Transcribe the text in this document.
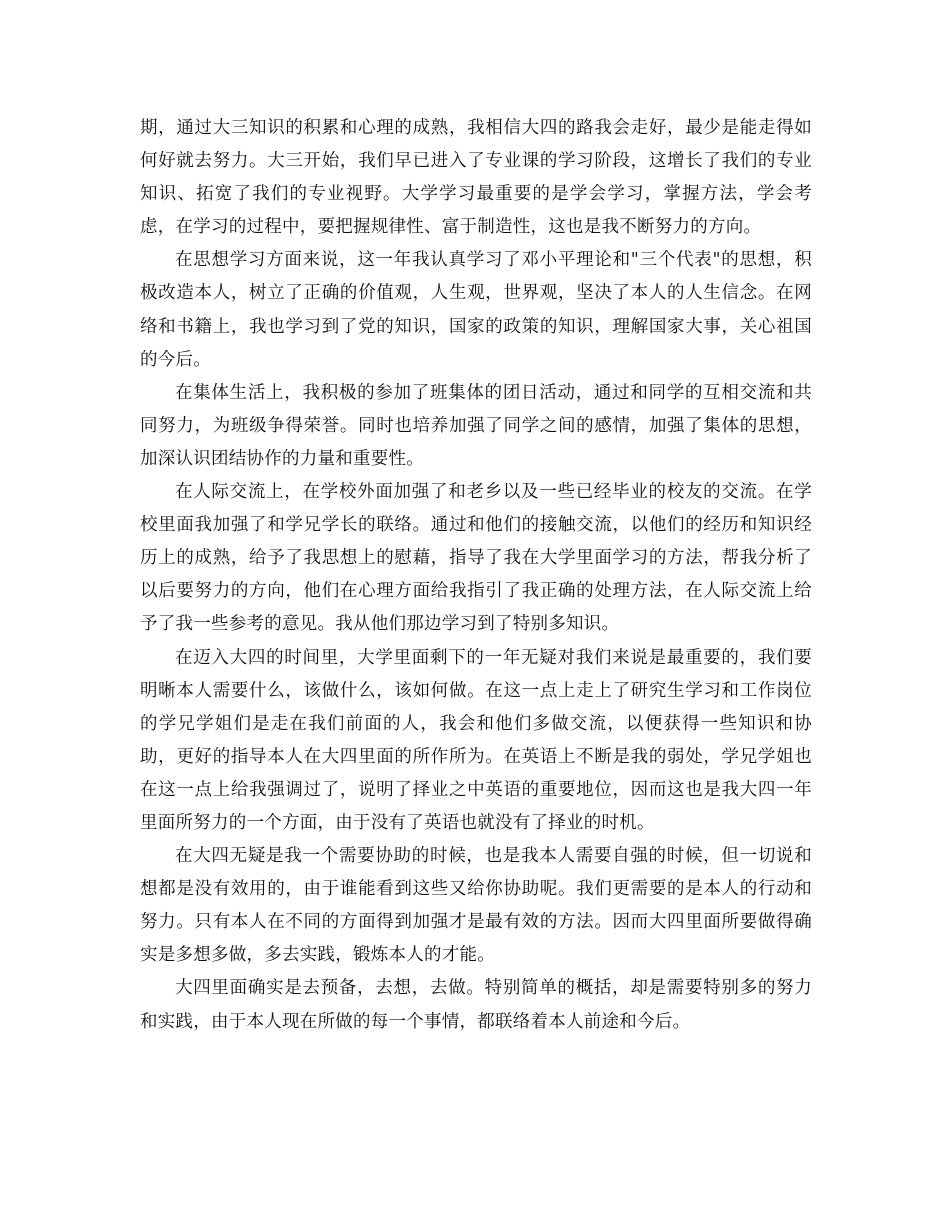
期，通过大三知识的积累和心理的成熟，我相信大四的路我会走好，最少是能走得如何好就去努力。大三开始，我们早已进入了专业课的学习阶段，这增长了我们的专业知识、拓宽了我们的专业视野。大学学习最重要的是学会学习，掌握方法，学会考虑，在学习的过程中，要把握规律性、富于制造性，这也是我不断努力的方向。

在思想学习方面来说，这一年我认真学习了邓小平理论和"三个代表"的思想，积极改造本人，树立了正确的价值观，人生观，世界观，坚决了本人的人生信念。在网络和书籍上，我也学习到了党的知识，国家的政策的知识，理解国家大事，关心祖国的今后。

在集体生活上，我积极的参加了班集体的团日活动，通过和同学的互相交流和共同努力，为班级争得荣誉。同时也培养加强了同学之间的感情，加强了集体的思想，加深认识团结协作的力量和重要性。

在人际交流上，在学校外面加强了和老乡以及一些已经毕业的校友的交流。在学校里面我加强了和学兄学长的联络。通过和他们的接触交流，以他们的经历和知识经历上的成熟，给予了我思想上的慰藉，指导了我在大学里面学习的方法，帮我分析了以后要努力的方向，他们在心理方面给我指引了我正确的处理方法，在人际交流上给予了我一些参考的意见。我从他们那边学习到了特别多知识。

在迈入大四的时间里，大学里面剩下的一年无疑对我们来说是最重要的，我们要明晰本人需要什么，该做什么，该如何做。在这一点上走上了研究生学习和工作岗位的学兄学姐们是走在我们前面的人，我会和他们多做交流，以便获得一些知识和协助，更好的指导本人在大四里面的所作所为。在英语上不断是我的弱处，学兄学姐也在这一点上给我强调过了，说明了择业之中英语的重要地位，因而这也是我大四一年里面所努力的一个方面，由于没有了英语也就没有了择业的时机。

在大四无疑是我一个需要协助的时候，也是我本人需要自强的时候，但一切说和想都是没有效用的，由于谁能看到这些又给你协助呢。我们更需要的是本人的行动和努力。只有本人在不同的方面得到加强才是最有效的方法。因而大四里面所要做得确实是多想多做，多去实践，锻炼本人的才能。

大四里面确实是去预备，去想，去做。特别简单的概括，却是需要特别多的努力和实践，由于本人现在所做的每一个事情，都联络着本人前途和今后。
